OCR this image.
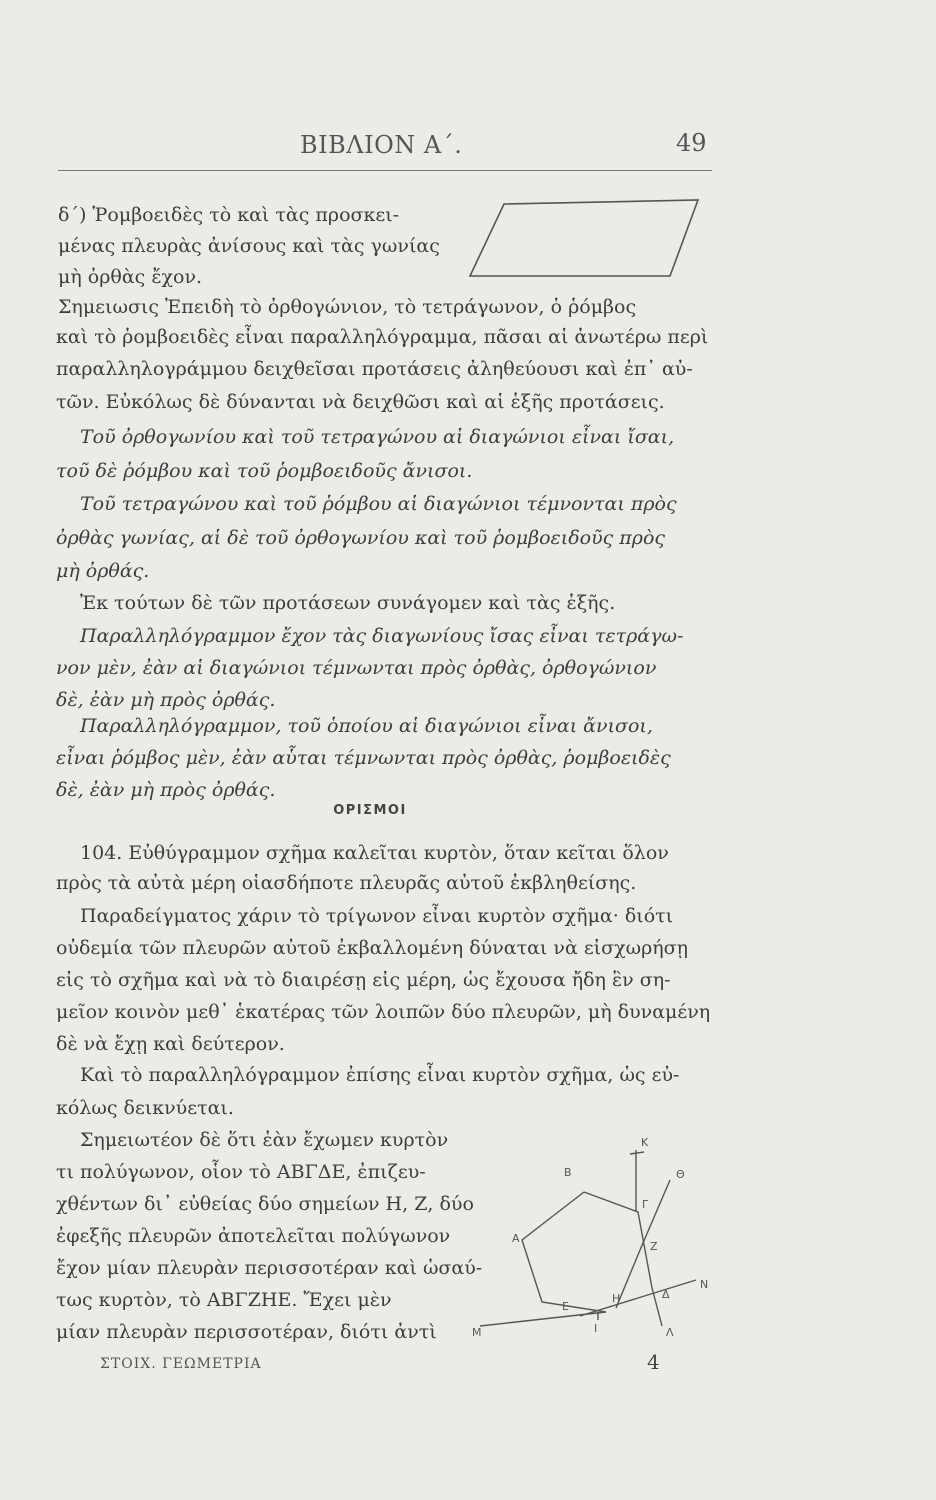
ΒΙΒΛΙΟΝ Α΄.	49
δ΄) Ῥομβοειδὲς τὸ καὶ τὰς προσκει-
μένας πλευρὰς ἀνίσους καὶ τὰς γωνίας
μὴ ὀρθὰς ἔχον.
Σημειωσις Ἐπειδὴ τὸ ὀρθογώνιον, τὸ τετράγωνον, ὁ ῥόμβος
καὶ τὸ ῥομβοειδὲς εἶναι παραλληλόγραμμα, πᾶσαι αἱ ἀνωτέρω περὶ
παραλληλογράμμου δειχθεῖσαι προτάσεις ἀληθεύουσι καὶ ἐπ᾿ αὐ-
τῶν. Εὐκόλως δὲ δύνανται νὰ δειχθῶσι καὶ αἱ ἑξῆς προτάσεις.
Τοῦ ὀρθογωνίου καὶ τοῦ τετραγώνου αἱ διαγώνιοι εἶναι ἴσαι,
τοῦ δὲ ῥόμβου καὶ τοῦ ῥομβοειδοῦς ἄνισοι.
Τοῦ τετραγώνου καὶ τοῦ ῥόμβου αἱ διαγώνιοι τέμνονται πρὸς
ὀρθὰς γωνίας, αἱ δὲ τοῦ ὀρθογωνίου καὶ τοῦ ῥομβοειδοῦς πρὸς
μὴ ὀρθάς.
Ἐκ τούτων δὲ τῶν προτάσεων συνάγομεν καὶ τὰς ἑξῆς.
Παραλληλόγραμμον ἔχον τὰς διαγωνίους ἴσας εἶναι τετράγω-
νον μὲν, ἐὰν αἱ διαγώνιοι τέμνωνται πρὸς ὀρθὰς, ὀρθογώνιον
δὲ, ἐὰν μὴ πρὸς ὀρθάς.
Παραλληλόγραμμον, τοῦ ὁποίου αἱ διαγώνιοι εἶναι ἄνισοι,
εἶναι ῥόμβος μὲν, ἐὰν αὗται τέμνωνται πρὸς ὀρθὰς, ῥομβοειδὲς
δὲ, ἐὰν μὴ πρὸς ὀρθάς.
ΟΡΙΣΜΟΙ
104. Εὐθύγραμμον σχῆμα καλεῖται κυρτὸν, ὅταν κεῖται ὅλον
πρὸς τὰ αὐτὰ μέρη οἱασδήποτε πλευρᾶς αὐτοῦ ἐκβληθείσης.
Παραδείγματος χάριν τὸ τρίγωνον εἶναι κυρτὸν σχῆμα· διότι
οὐδεμία τῶν πλευρῶν αὐτοῦ ἐκβαλλομένη δύναται νὰ εἰσχωρήσῃ
εἰς τὸ σχῆμα καὶ νὰ τὸ διαιρέσῃ εἰς μέρη, ὡς ἔχουσα ἤδη ἓν ση-
μεῖον κοινὸν μεθ᾿ ἑκατέρας τῶν λοιπῶν δύο πλευρῶν, μὴ δυναμένη
δὲ νὰ ἔχῃ καὶ δεύτερον.
Καὶ τὸ παραλληλόγραμμον ἐπίσης εἶναι κυρτὸν σχῆμα, ὡς εὐ-
κόλως δεικνύεται.
Σημειωτέον δὲ ὅτι ἐὰν ἔχωμεν κυρτὸν
τι πολύγωνον, οἷον τὸ ΑΒΓΔΕ, ἐπιζευ-
χθέντων δι᾿ εὐθείας δύο σημείων Η, Ζ, δύο
ἐφεξῆς πλευρῶν ἀποτελεῖται πολύγωνον
ἔχον μίαν πλευρὰν περισσοτέραν καὶ ὡσαύ-
τως κυρτὸν, τὸ ΑΒΓΖΗΕ. Ἔχει μὲν
μίαν πλευρὰν περισσοτέραν, διότι ἀντὶ
K
B
Γ
Θ
A
Z
N
E
H	Δ
Λ
M	I
ΣΤΟΙΧ. ΓΕΩΜΕΤΡΙΑ	4
